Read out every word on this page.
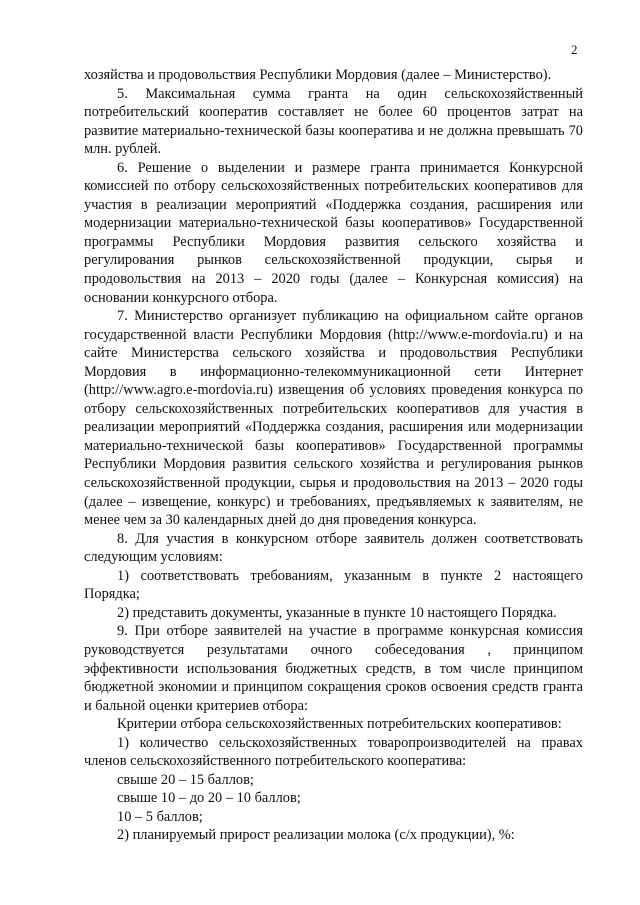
2

хозяйства и продовольствия Республики Мордовия (далее – Министерство).

5. Максимальная сумма гранта на один сельскохозяйственный потребительский кооператив составляет не более 60 процентов затрат на развитие материально-технической базы кооператива и не должна превышать 70 млн. рублей.

6. Решение о выделении и размере гранта принимается Конкурсной комиссией по отбору сельскохозяйственных потребительских кооперативов для участия в реализации мероприятий «Поддержка создания, расширения или модернизации материально-технической базы кооперативов» Государственной программы Республики Мордовия развития сельского хозяйства и регулирования рынков сельскохозяйственной продукции, сырья и продовольствия на 2013 – 2020 годы (далее – Конкурсная комиссия) на основании конкурсного отбора.

7. Министерство организует публикацию на официальном сайте органов государственной власти Республики Мордовия (http://www.e-mordovia.ru) и на сайте Министерства сельского хозяйства и продовольствия Республики Мордовия в информационно-телекоммуникационной сети Интернет (http://www.agro.e-mordovia.ru) извещения об условиях проведения конкурса по отбору сельскохозяйственных потребительских кооперативов для участия в реализации мероприятий «Поддержка создания, расширения или модернизации материально-технической базы кооперативов» Государственной программы Республики Мордовия развития сельского хозяйства и регулирования рынков сельскохозяйственной продукции, сырья и продовольствия на 2013 – 2020 годы (далее – извещение, конкурс) и требованиях, предъявляемых к заявителям, не менее чем за 30 календарных дней до дня проведения конкурса.

8. Для участия в конкурсном отборе заявитель должен соответствовать следующим условиям:

1) соответствовать требованиям, указанным в пункте 2 настоящего Порядка;

2) представить документы, указанные в пункте 10 настоящего Порядка.

9. При отборе заявителей на участие в программе конкурсная комиссия руководствуется результатами очного собеседования , принципом эффективности использования бюджетных средств, в том числе принципом бюджетной экономии и принципом сокращения сроков освоения средств гранта и бальной оценки критериев отбора:

Критерии отбора сельскохозяйственных потребительских кооперативов:

1) количество сельскохозяйственных товаропроизводителей на правах членов сельскохозяйственного потребительского кооператива:

свыше 20 – 15 баллов;

свыше 10 – до 20 – 10 баллов;

10 – 5 баллов;

2) планируемый прирост реализации молока (с/х продукции), %:
